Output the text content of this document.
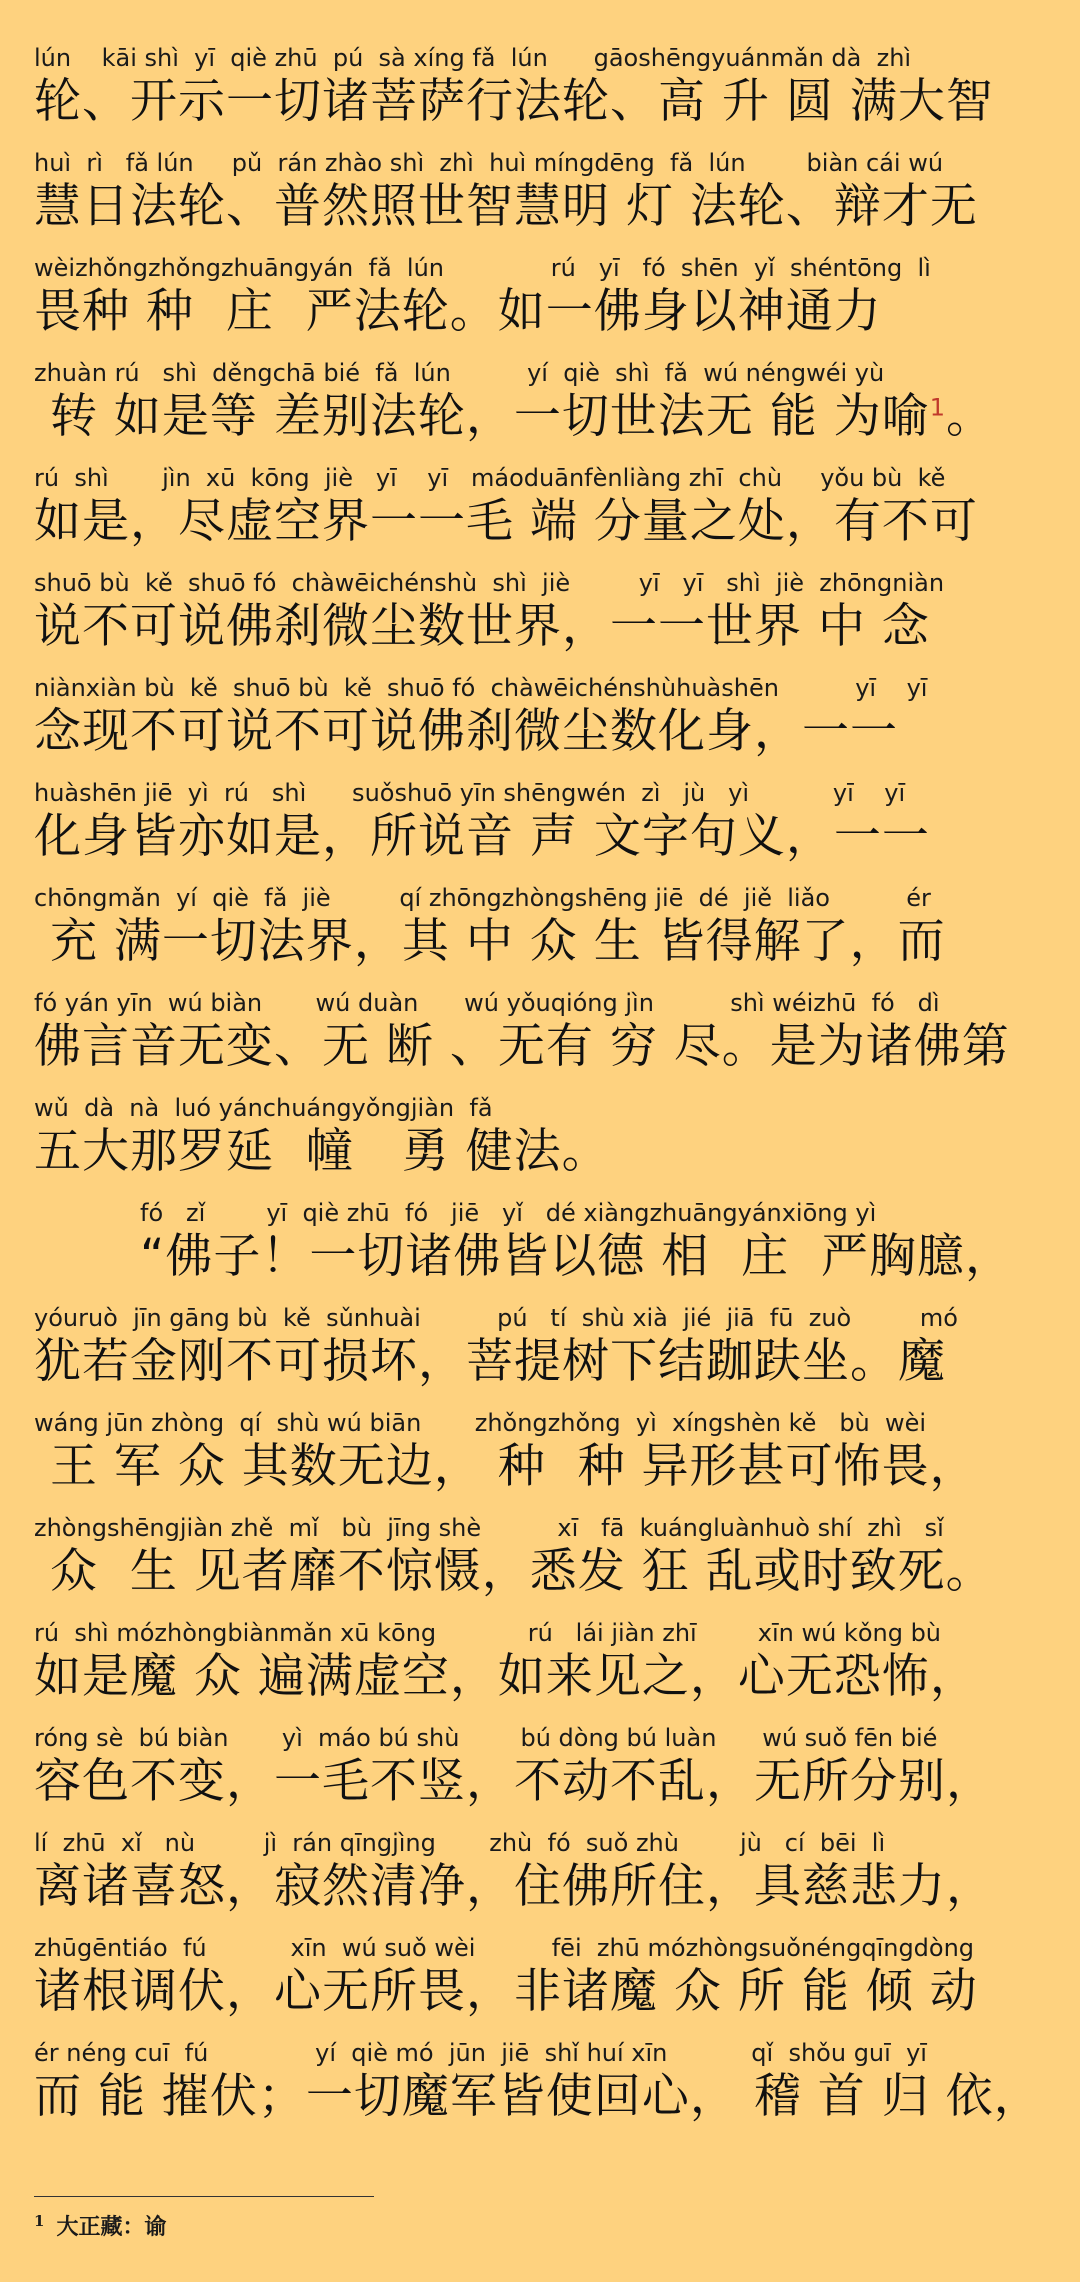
lún    kāi shì  yī  qiè zhū  pú  sà xíng fǎ  lún      gāoshēngyuánmǎn dà  zhì
轮、开示一切诸菩萨行法轮、高 升 圆 满大智
huì  rì   fǎ lún     pǔ  rán zhào shì  zhì  huì míngdēng  fǎ  lún        biàn cái wú
慧日法轮、普然照世智慧明 灯 法轮、辩才无
wèizhǒngzhǒngzhuāngyán  fǎ  lún              rú   yī   fó  shēn  yǐ  shéntōng  lì
畏种 种  庄  严法轮。如一佛身以神通力
zhuàn rú   shì  děngchā bié  fǎ  lún          yí  qiè  shì  fǎ  wú néngwéi yù
转 如是等 差别法轮，一切世法无 能 为喻$^1$。
rú  shì       jìn  xū  kōng  jiè   yī    yī   máoduānfènliàng zhī  chù     yǒu bù  kě
如是，尽虚空界一一毛 端 分量之处，有不可
shuō bù  kě  shuō fó  chàwēichénshù  shì  jiè         yī   yī   shì  jiè  zhōngniàn
说不可说佛刹微尘数世界，一一世界 中 念
niànxiàn bù  kě  shuō bù  kě  shuō fó  chàwēichénshùhuàshēn          yī    yī
念现不可说不可说佛刹微尘数化身，一一
huàshēn jiē  yì  rú   shì      suǒshuō yīn shēngwén  zì   jù   yì           yī    yī
化身皆亦如是，所说音 声 文字句义，一一
chōngmǎn  yí  qiè  fǎ  jiè         qí zhōngzhòngshēng jiē  dé  jiě  liǎo          ér
充 满一切法界，其 中 众 生 皆得解了，而
fó yán yīn  wú biàn       wú duàn      wú yǒuqióng jìn          shì wéizhū  fó   dì
佛言音无变、无 断 、无有 穷 尽。是为诸佛第
wǔ  dà  nà  luó yánchuángyǒngjiàn  fǎ
五大那罗延  幢   勇 健法。
fó   zǐ        yī  qiè zhū  fó   jiē   yǐ   dé xiàngzhuāngyánxiōng yì
“佛子！一切诸佛皆以德 相  庄  严胸臆，
yóuruò  jīn gāng bù  kě  sǔnhuài          pú   tí  shù xià  jié  jiā  fū  zuò         mó
犹若金刚不可损坏，菩提树下结跏趺坐。魔
wáng jūn zhòng  qí  shù wú biān       zhǒngzhǒng  yì  xíngshèn kě   bù  wèi
王 军 众 其数无边， 种  种 异形甚可怖畏，
zhòngshēngjiàn zhě  mǐ   bù  jīng shè          xī   fā  kuángluànhuò shí  zhì   sǐ
众  生 见者靡不惊慑，悉发 狂 乱或时致死。
rú  shì mózhòngbiànmǎn xū kōng            rú   lái jiàn zhī        xīn wú kǒng bù
如是魔 众 遍满虚空，如来见之，心无恐怖，
róng sè  bú biàn       yì  máo bú shù        bú dòng bú luàn      wú suǒ fēn bié
容色不变，一毛不竖，不动不乱，无所分别，
lí  zhū  xǐ   nù         jì  rán qīngjìng       zhù  fó  suǒ zhù        jù   cí  bēi  lì
离诸喜怒，寂然清净，住佛所住，具慈悲力，
zhūgēntiáo  fú           xīn  wú suǒ wèi          fēi  zhū mózhòngsuǒnéngqīngdòng
诸根调伏，心无所畏，非诸魔 众 所 能 倾 动
ér néng cuī  fú              yí  qiè mó  jūn  jiē  shǐ huí xīn           qǐ  shǒu guī  yī
而 能 摧伏；一切魔军皆使回心， 稽 首 归 依，
$^1$ 大正藏：谕
